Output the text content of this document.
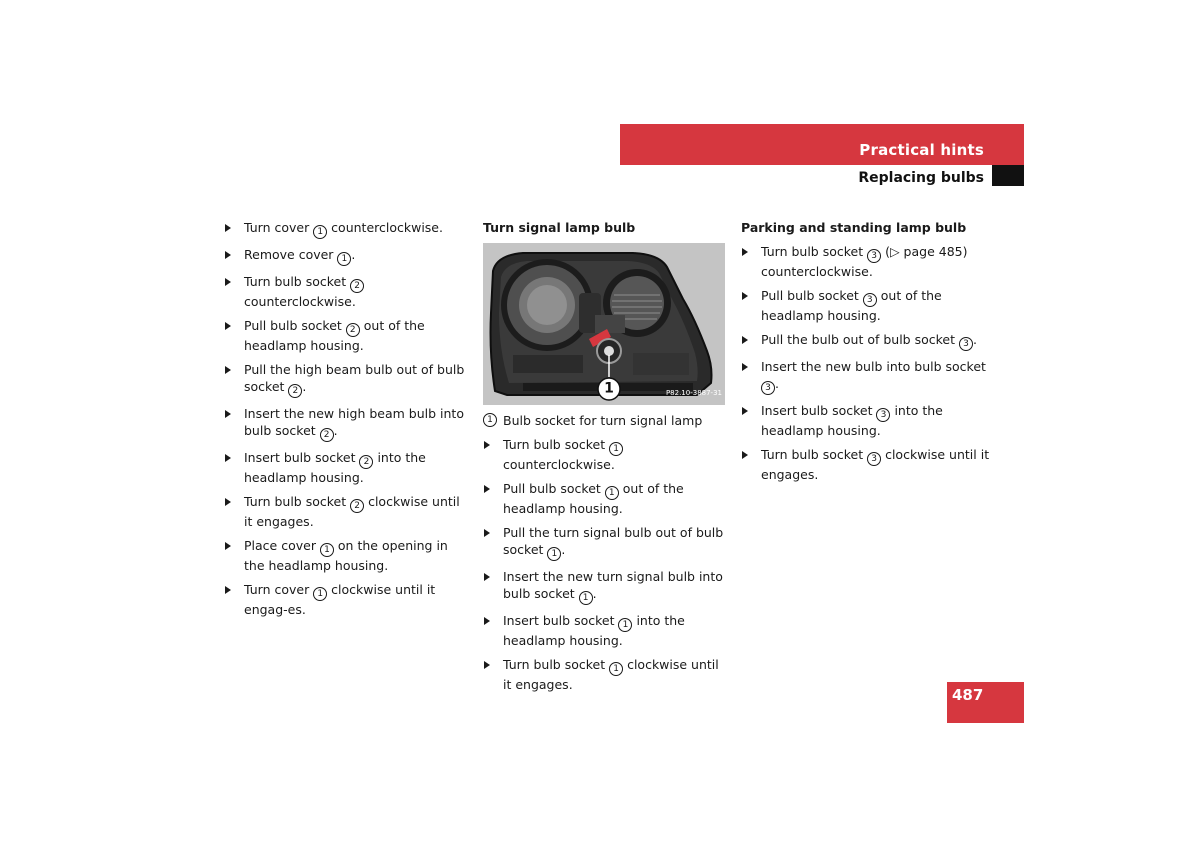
Practical hints
Replacing bulbs
Turn cover 1 counterclockwise.
Remove cover 1 .
Turn bulb socket 2 counterclockwise.
Pull bulb socket 2 out of the headlamp housing.
Pull the high beam bulb out of bulb socket 2 .
Insert the new high beam bulb into bulb socket 2 .
Insert bulb socket 2 into the headlamp housing.
Turn bulb socket 2 clockwise until it engages.
Place cover 1 on the opening in the headlamp housing.
Turn cover 1 clockwise until it engag-es.
Turn signal lamp bulb
1	P82.10-3887-31
1 Bulb socket for turn signal lamp
Turn bulb socket 1 counterclockwise.
Pull bulb socket 1 out of the headlamp housing.
Pull the turn signal bulb out of bulb socket 1 .
Insert the new turn signal bulb into bulb socket 1 .
Insert bulb socket 1 into the headlamp housing.
Turn bulb socket 1 clockwise until it engages.
Parking and standing lamp bulb
Turn bulb socket 3 (▷ page 485) counterclockwise.
Pull bulb socket 3 out of the headlamp housing.
Pull the bulb out of bulb socket 3 .
Insert the new bulb into bulb socket 3 .
Insert bulb socket 3 into the headlamp housing.
Turn bulb socket 3 clockwise until it engages.
487
